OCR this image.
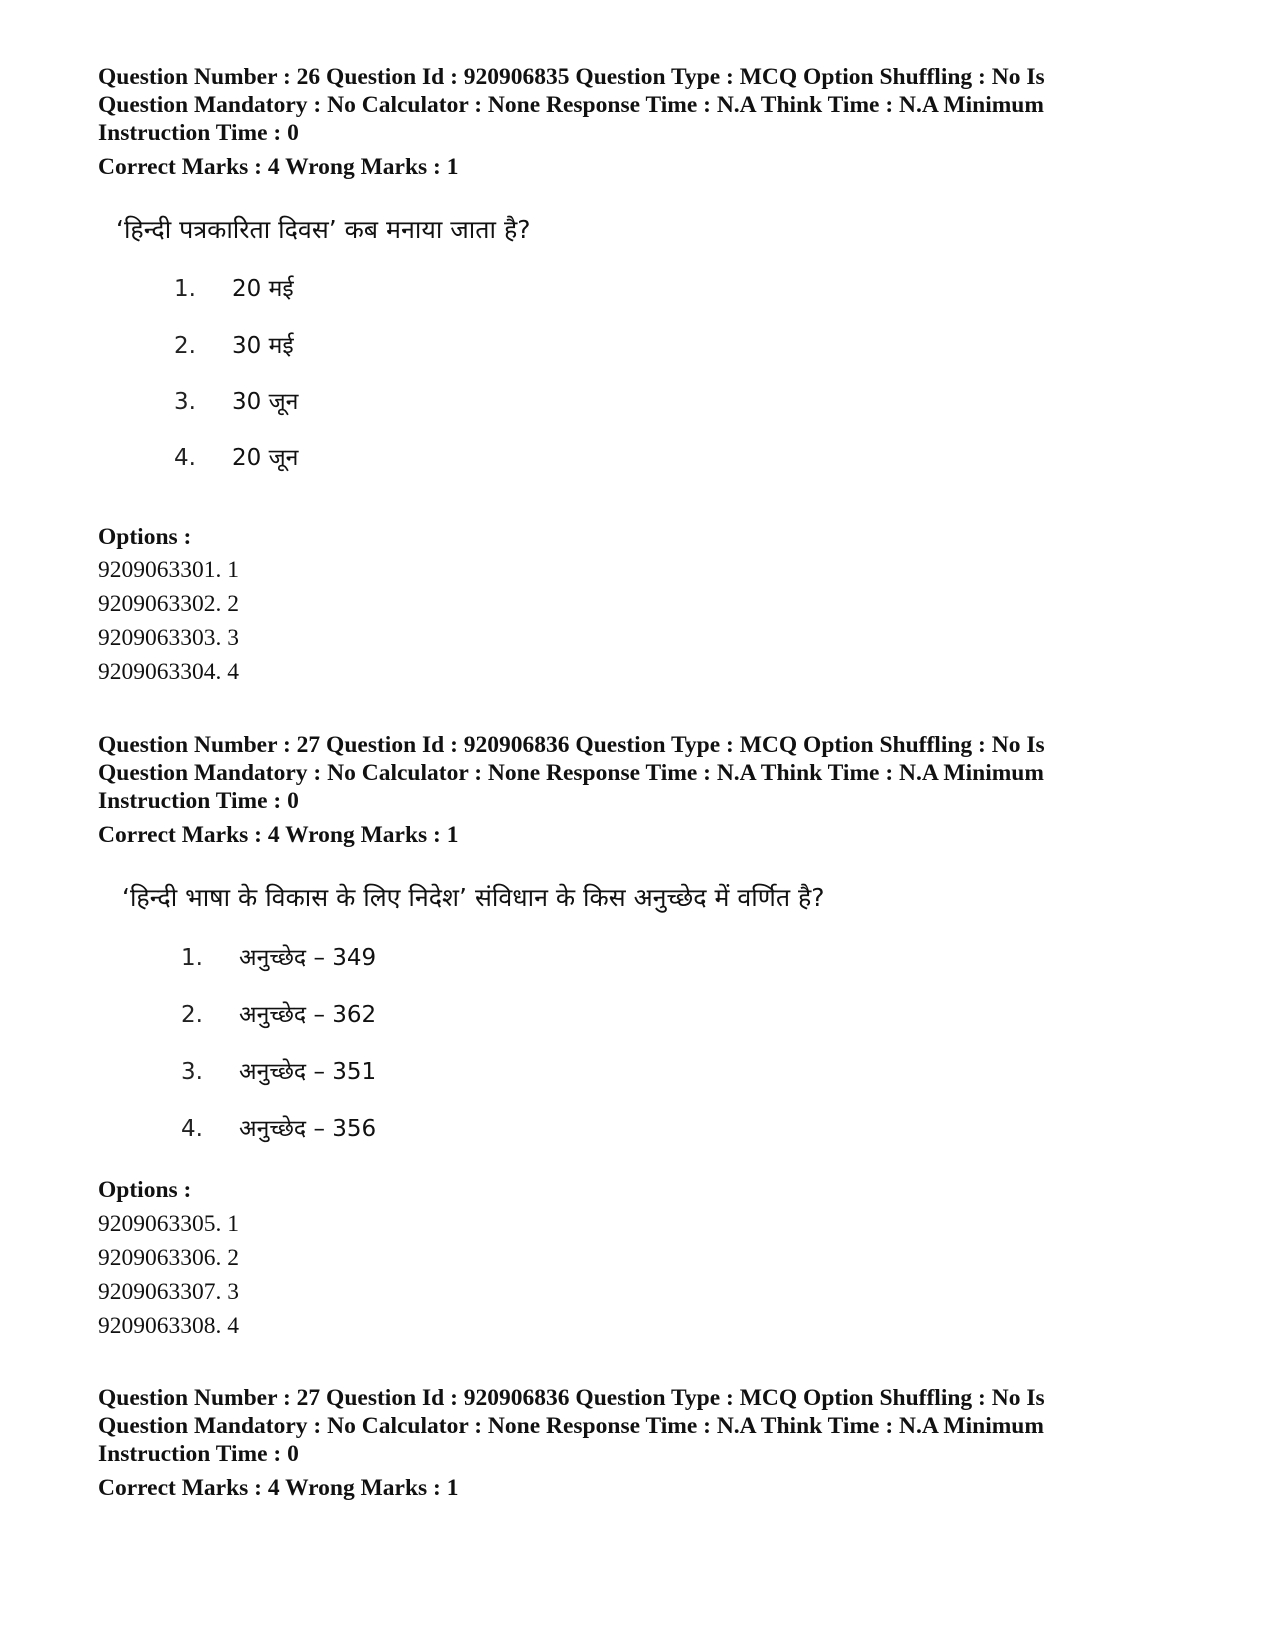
Question Number : 26 Question Id : 920906835 Question Type : MCQ Option Shuffling : No Is

Question Mandatory : No Calculator : None Response Time : N.A Think Time : N.A Minimum

Instruction Time : 0

Correct Marks : 4 Wrong Marks : 1

‘हिन्दी पत्रकारिता दिवस’ कब मनाया जाता है?

1. 20 मई
2. 30 मई
3. 30 जून
4. 20 जून
Options :
9209063301. 1
9209063302. 2
9209063303. 3
9209063304. 4

Question Number : 27 Question Id : 920906836 Question Type : MCQ Option Shuffling : No Is

Question Mandatory : No Calculator : None Response Time : N.A Think Time : N.A Minimum

Instruction Time : 0

Correct Marks : 4 Wrong Marks : 1

‘हिन्दी भाषा के विकास के लिए निदेश’ संविधान के किस अनुच्छेद में वर्णित है?

1. अनुच्छेद – 349
2. अनुच्छेद – 362
3. अनुच्छेद – 351
4. अनुच्छेद – 356
Options :
9209063305. 1
9209063306. 2
9209063307. 3
9209063308. 4

Question Number : 27 Question Id : 920906836 Question Type : MCQ Option Shuffling : No Is

Question Mandatory : No Calculator : None Response Time : N.A Think Time : N.A Minimum

Instruction Time : 0

Correct Marks : 4 Wrong Marks : 1
